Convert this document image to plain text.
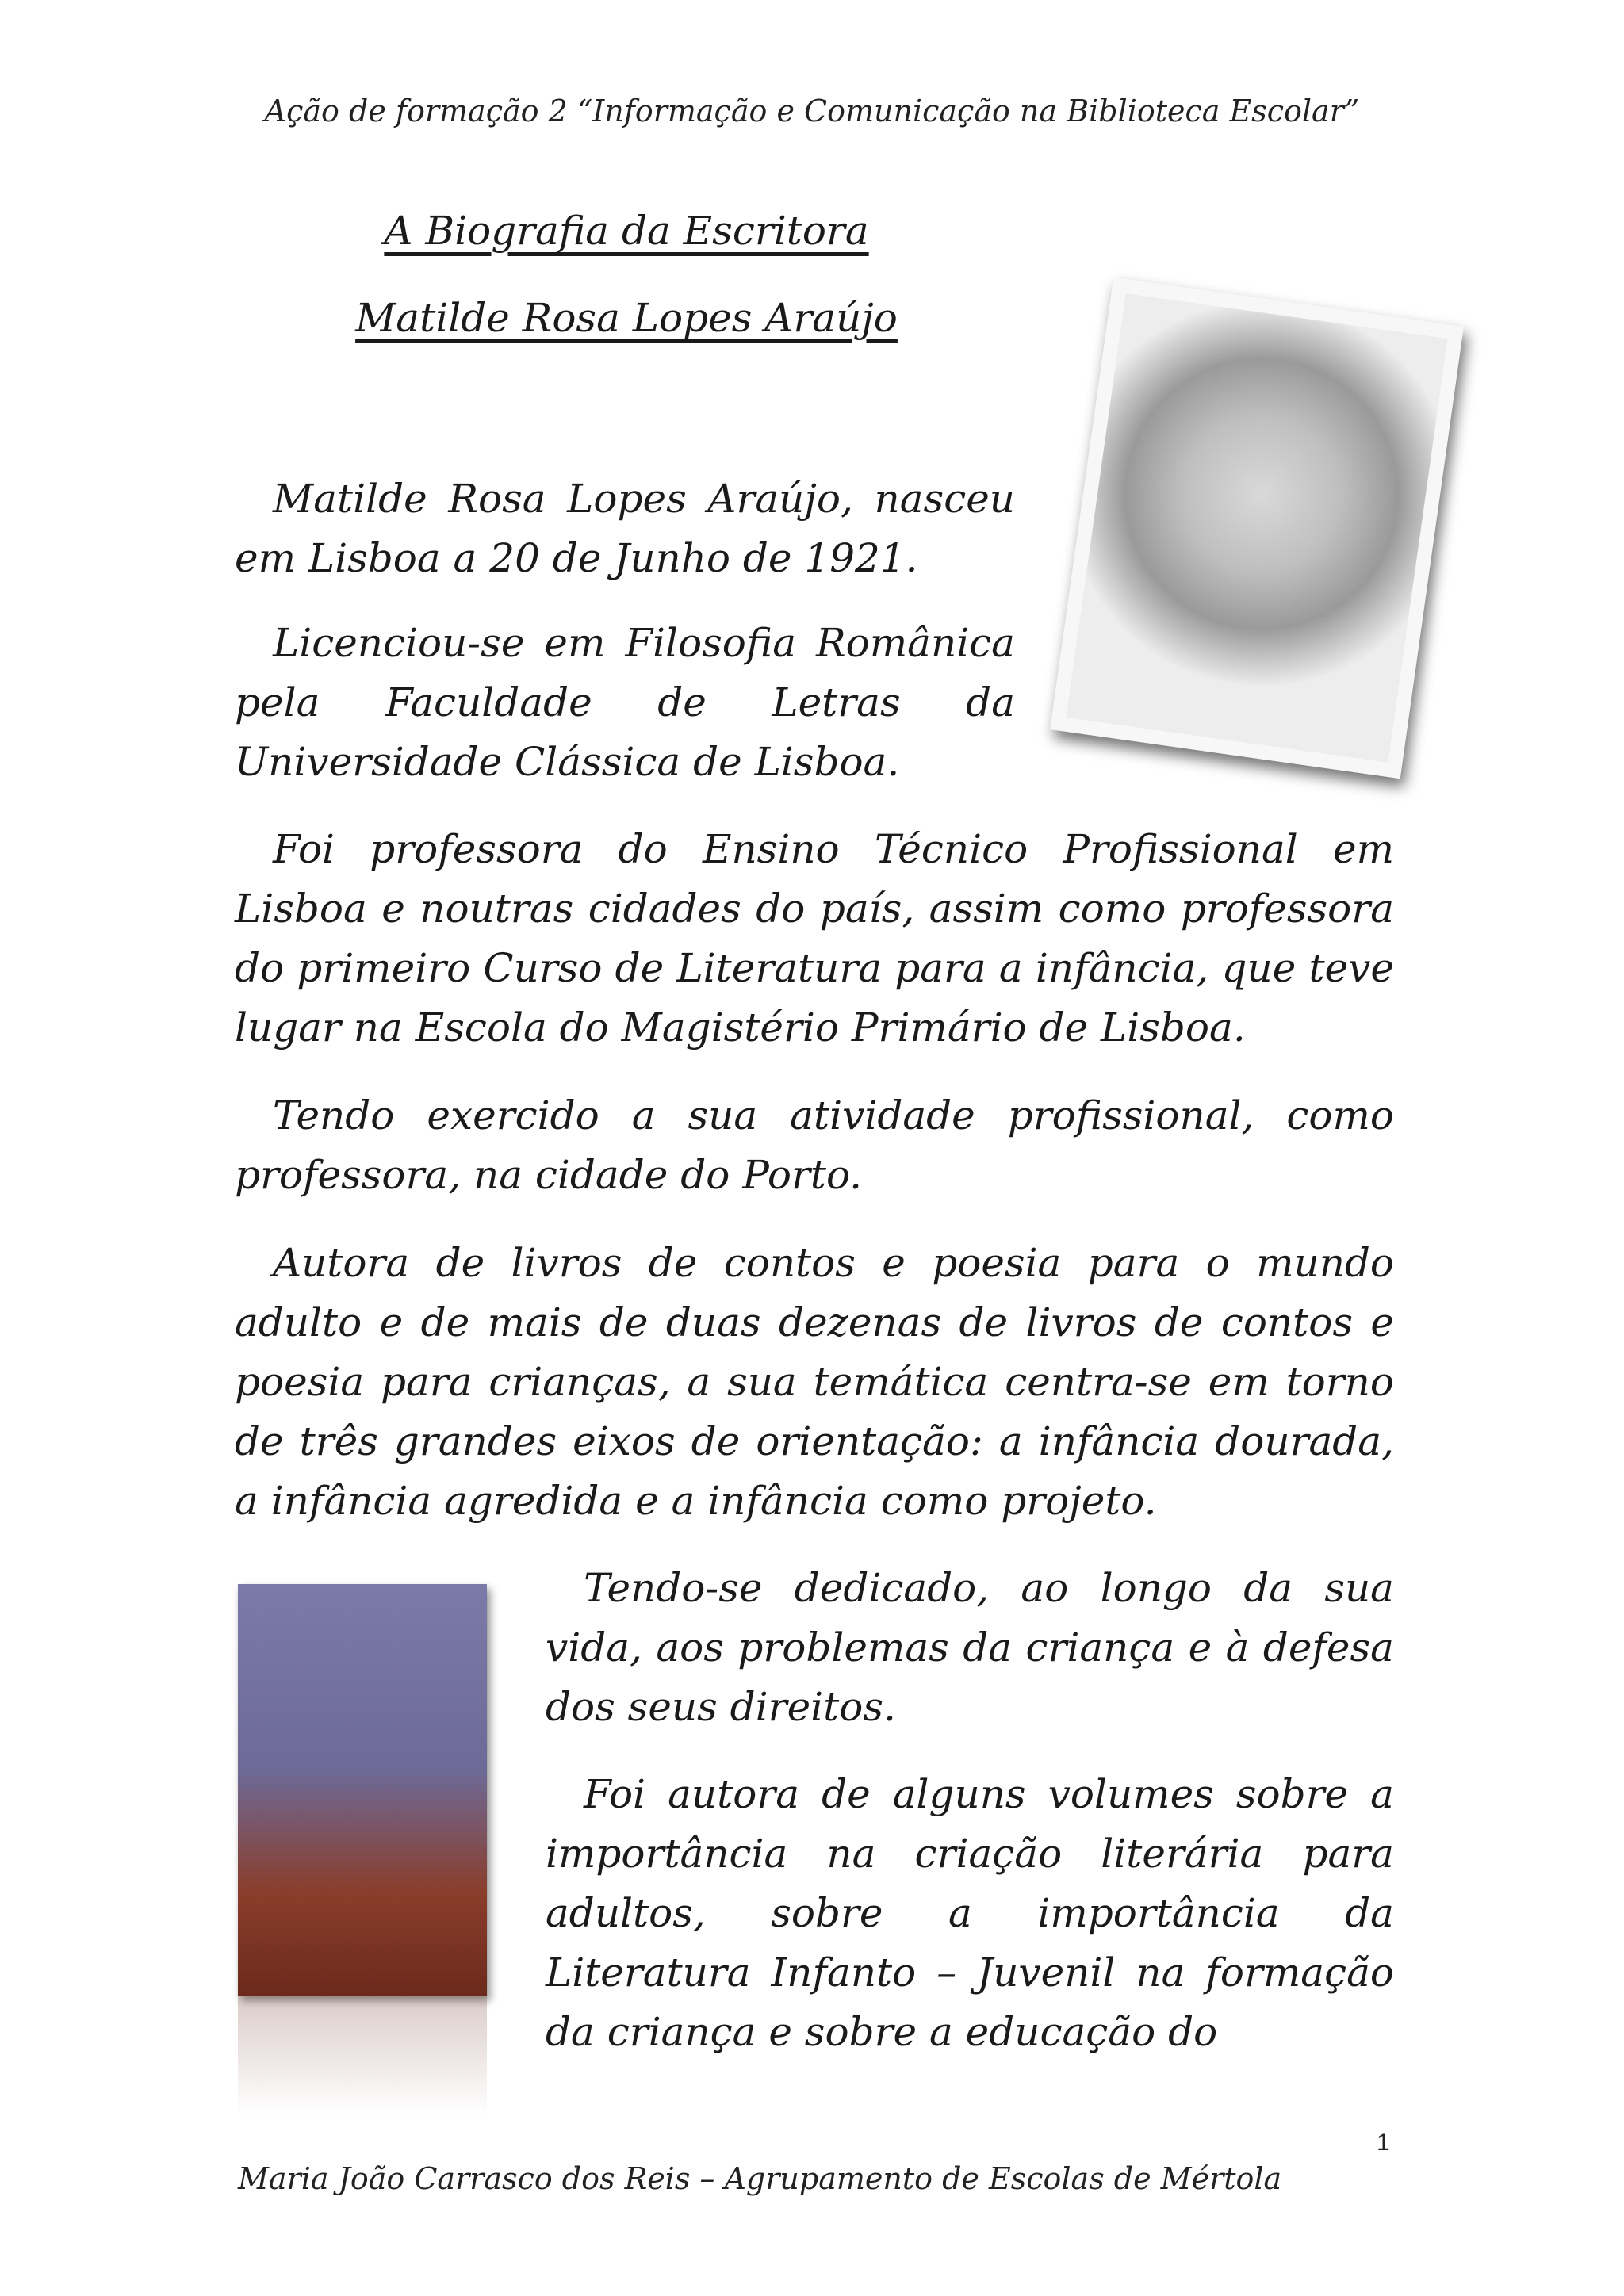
Ação de formação 2 “Informação e Comunicação na Biblioteca Escolar”
A Biografia da Escritora
Matilde Rosa Lopes Araújo

Matilde Rosa Lopes Araújo, nasceu em Lisboa a 20 de Junho de 1921.

Licenciou-se em Filosofia Românica pela Faculdade de Letras da Universidade Clássica de Lisboa.

Foi professora do Ensino Técnico Profissional em Lisboa e noutras cidades do país, assim como professora do primeiro Curso de Literatura para a infância, que teve lugar na Escola do Magistério Primário de Lisboa.

Tendo exercido a sua atividade profissional, como professora, na cidade do Porto.

Autora de livros de contos e poesia para o mundo adulto e de mais de duas dezenas de livros de contos e poesia para crianças, a sua temática centra-se em torno de três grandes eixos de orientação: a infância dourada, a infância agredida e a infância como projeto.

Tendo-se dedicado, ao longo da sua vida, aos problemas da criança e à defesa dos seus direitos.

Foi autora de alguns volumes sobre a importância na criação literária para adultos, sobre a importância da Literatura Infanto – Juvenil na formação da criança e sobre a educação do

1
Maria João Carrasco dos Reis – Agrupamento de Escolas de Mértola
